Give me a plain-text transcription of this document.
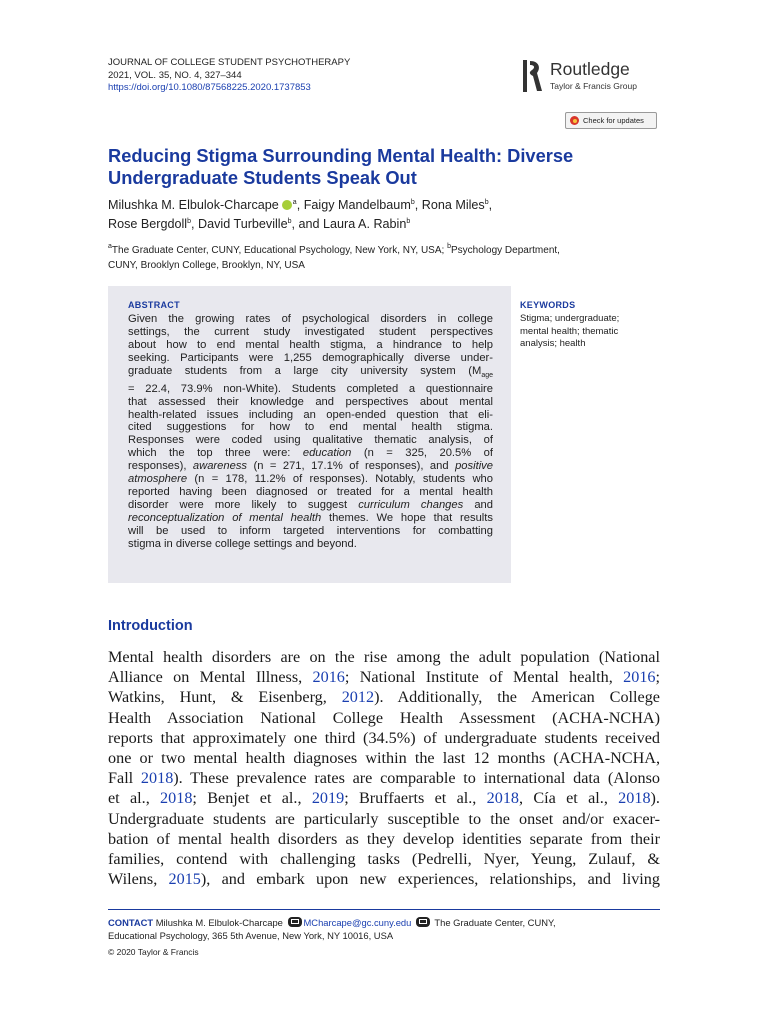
JOURNAL OF COLLEGE STUDENT PSYCHOTHERAPY
2021, VOL. 35, NO. 4, 327–344
https://doi.org/10.1080/87568225.2020.1737853
Routledge
Taylor & Francis Group
Check for updates
Reducing Stigma Surrounding Mental Health: Diverse
Undergraduate Students Speak Out
Milushka M. Elbulok-Charcape $^a$, Faigy Mandelbaum$^b$, Rona Miles$^b$,
Rose Bergdoll$^b$, David Turbeville$^b$, and Laura A. Rabin$^b$
$^a$The Graduate Center, CUNY, Educational Psychology, New York, NY, USA; $^b$Psychology Department,
CUNY, Brooklyn College, Brooklyn, NY, USA
ABSTRACT
Given the growing rates of psychological disorders in college
settings, the current study investigated student perspectives
about how to end mental health stigma, a hindrance to help
seeking. Participants were 1,255 demographically diverse under-
graduate students from a large city university system ($M_{age}$
= 22.4, 73.9% non-White). Students completed a questionnaire
that assessed their knowledge and perspectives about mental
health-related issues including an open-ended question that eli-
cited suggestions for how to end mental health stigma.
Responses were coded using qualitative thematic analysis, of
which the top three were: education (n = 325, 20.5% of
responses), awareness (n = 271, 17.1% of responses), and positive
atmosphere (n = 178, 11.2% of responses). Notably, students who
reported having been diagnosed or treated for a mental health
disorder were more likely to suggest curriculum changes and
reconceptualization of mental health themes. We hope that results
will be used to inform targeted interventions for combatting
stigma in diverse college settings and beyond.
KEYWORDS
Stigma; undergraduate;
mental health; thematic
analysis; health
Introduction
Mental health disorders are on the rise among the adult population (National
Alliance on Mental Illness, 2016; National Institute of Mental health, 2016;
Watkins, Hunt, & Eisenberg, 2012). Additionally, the American College
Health Association National College Health Assessment (ACHA-NCHA)
reports that approximately one third (34.5%) of undergraduate students received
one or two mental health diagnoses within the last 12 months (ACHA-NCHA,
Fall 2018). These prevalence rates are comparable to international data (Alonso
et al., 2018; Benjet et al., 2019; Bruffaerts et al., 2018, Cía et al., 2018).
Undergraduate students are particularly susceptible to the onset and/or exacer-
bation of mental health disorders as they develop identities separate from their
families, contend with challenging tasks (Pedrelli, Nyer, Yeung, Zulauf, &
Wilens, 2015), and embark upon new experiences, relationships, and living
CONTACT Milushka M. Elbulok-Charcape MCharcape@gc.cuny.edu  The Graduate Center, CUNY,
Educational Psychology, 365 5th Avenue, New York, NY 10016, USA
© 2020 Taylor & Francis
